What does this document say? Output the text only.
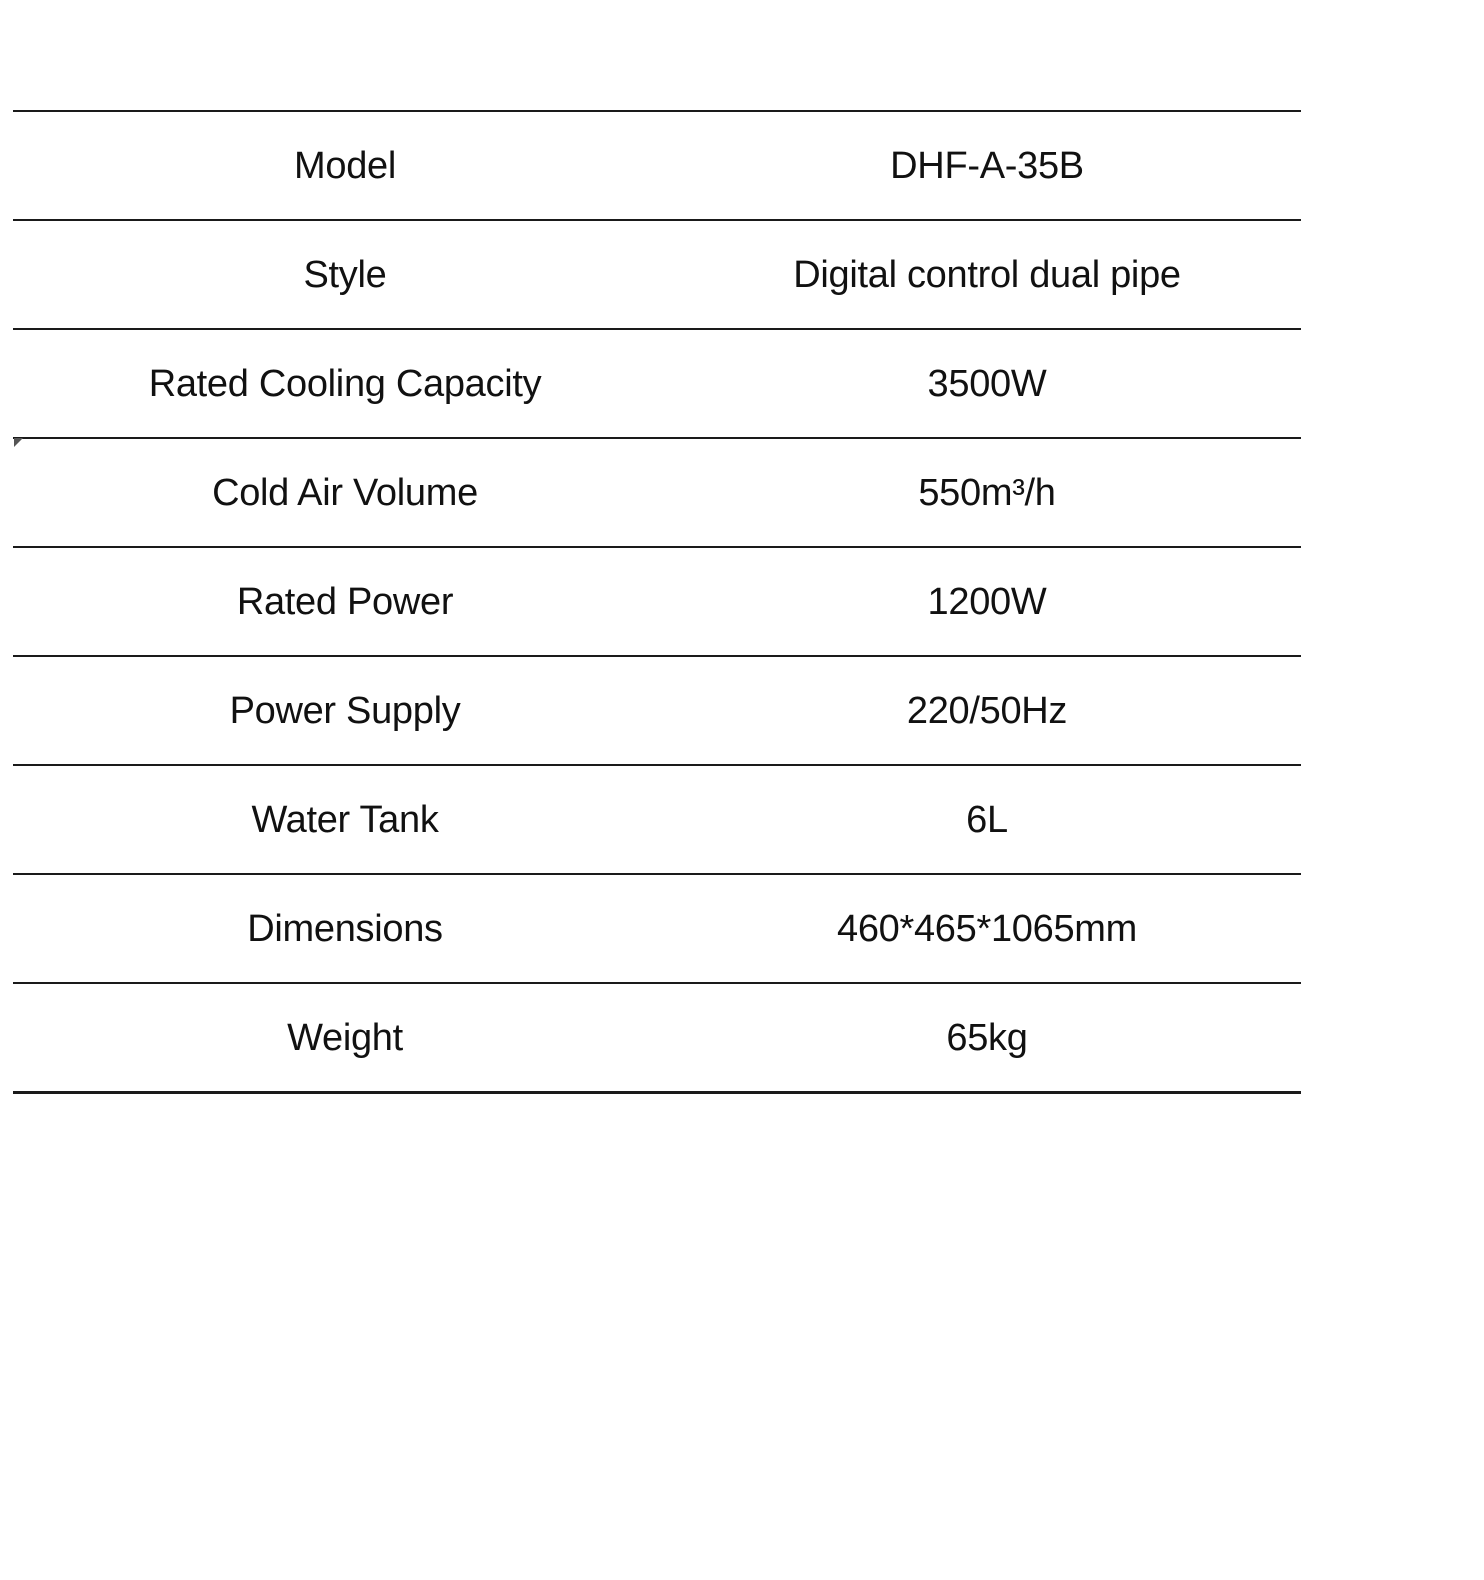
Model	DHF-A-35B
Style	Digital control dual pipe
Rated Cooling Capacity	3500W
Cold Air Volume	550m³/h
Rated Power	1200W
Power Supply	220/50Hz
Water Tank	6L
Dimensions	460*465*1065mm
Weight	65kg
